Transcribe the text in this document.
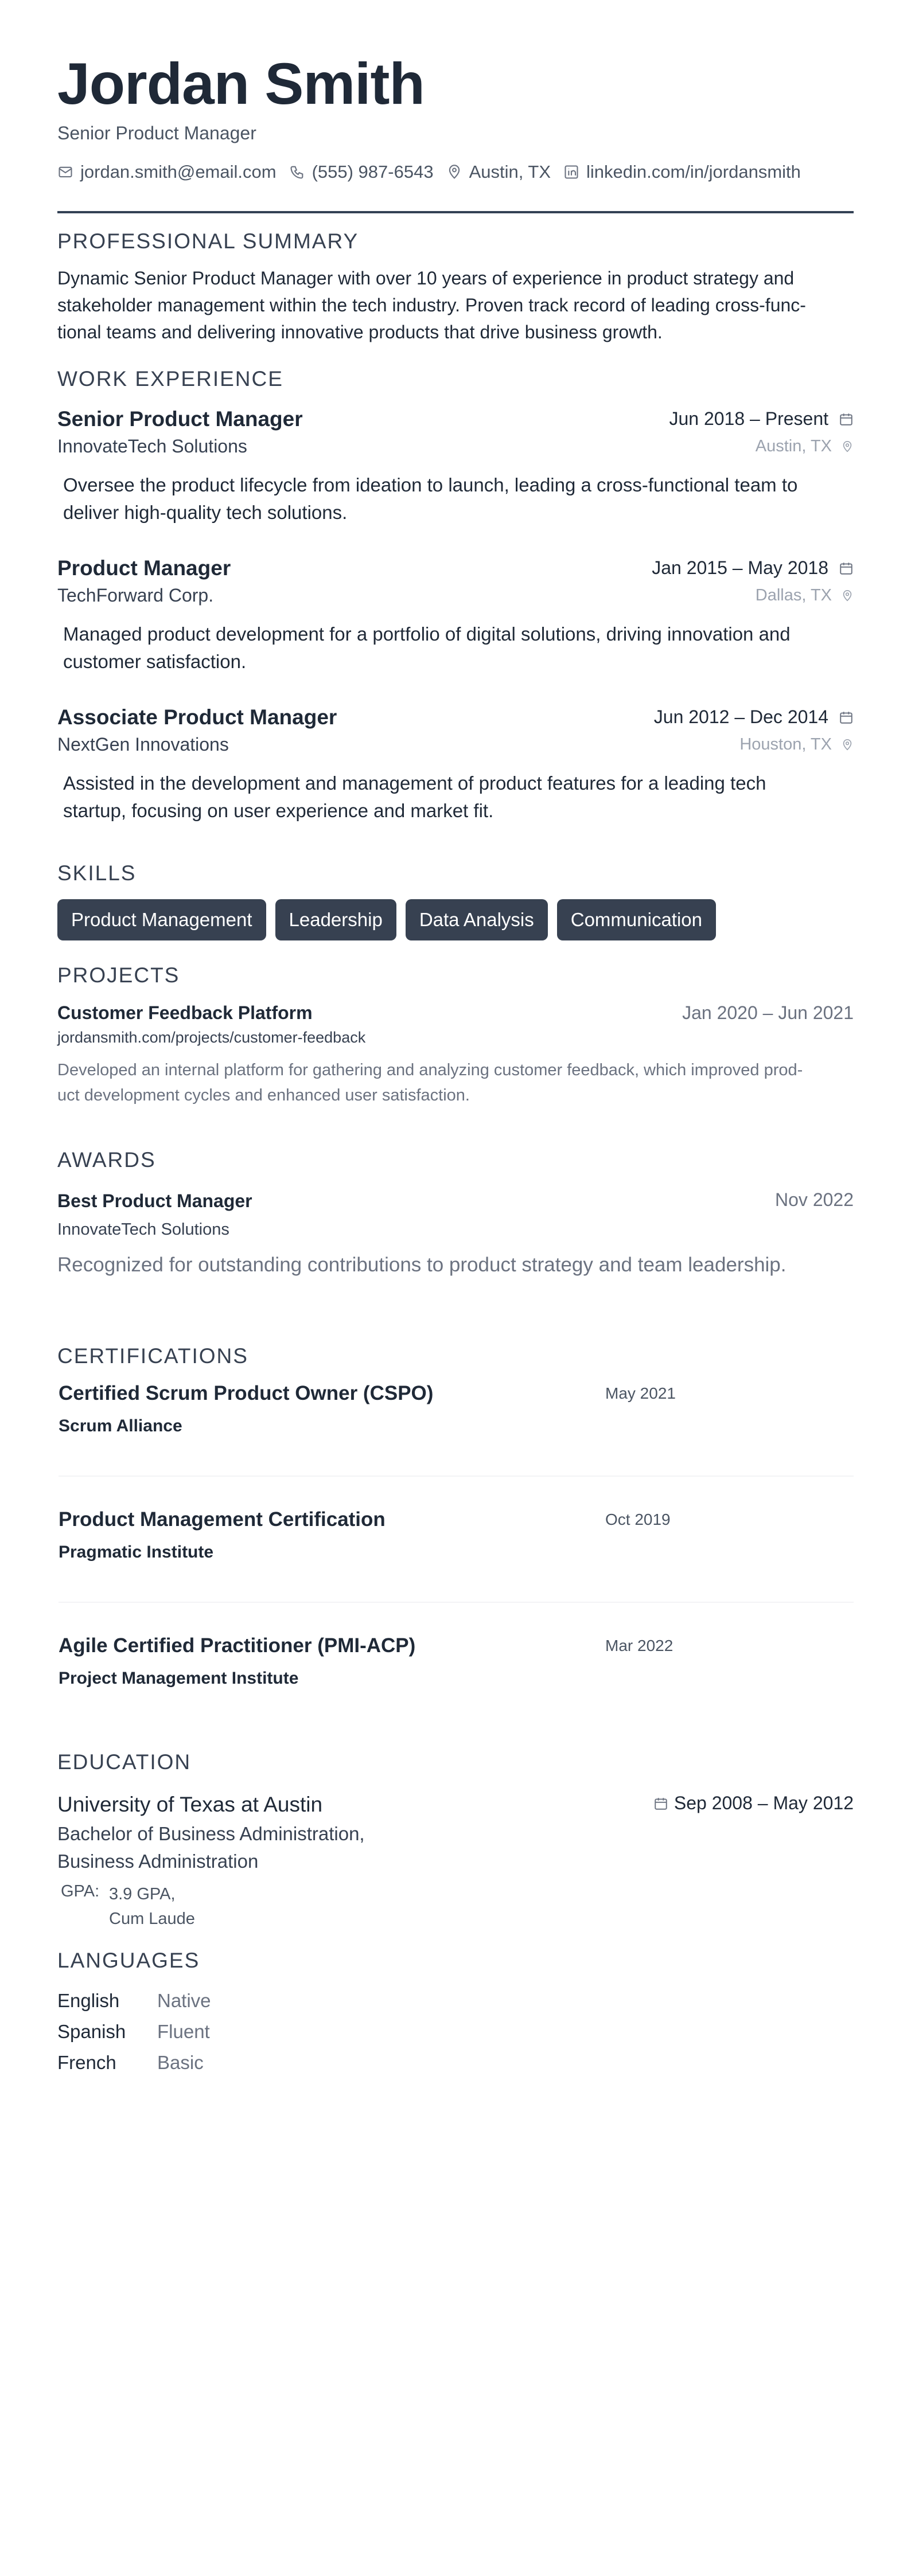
Jordan Smith
Senior Product Manager
jordan.smith@email.com (555) 987-6543 Austin, TX linkedin.com/in/jordansmith
PROFESSIONAL SUMMARY
Dynamic Senior Product Manager with over 10 years of experience in product strategy and
stakeholder management within the tech industry. Proven track record of leading cross-func-
tional teams and delivering innovative products that drive business growth.
WORK EXPERIENCE
Senior Product Manager	Jun 2018 – Present
InnovateTech Solutions	Austin, TX
Oversee the product lifecycle from ideation to launch, leading a cross-functional team to
deliver high-quality tech solutions.
Product Manager	Jan 2015 – May 2018
TechForward Corp.	Dallas, TX
Managed product development for a portfolio of digital solutions, driving innovation and
customer satisfaction.
Associate Product Manager	Jun 2012 – Dec 2014
NextGen Innovations	Houston, TX
Assisted in the development and management of product features for a leading tech
startup, focusing on user experience and market fit.
SKILLS
Product Management	Leadership	Data Analysis	Communication
PROJECTS
Customer Feedback Platform	Jan 2020 – Jun 2021
jordansmith.com/projects/customer-feedback
Developed an internal platform for gathering and analyzing customer feedback, which improved prod-
uct development cycles and enhanced user satisfaction.
AWARDS
Best Product Manager	Nov 2022
InnovateTech Solutions
Recognized for outstanding contributions to product strategy and team leadership.
CERTIFICATIONS
Certified Scrum Product Owner (CSPO)	May 2021
Scrum Alliance
Product Management Certification	Oct 2019
Pragmatic Institute
Agile Certified Practitioner (PMI-ACP)	Mar 2022
Project Management Institute
EDUCATION
University of Texas at Austin	Sep 2008 – May 2012
Bachelor of Business Administration,
Business Administration
GPA: 3.9 GPA,
Cum Laude
LANGUAGES
English	Native
Spanish	Fluent
French	Basic
